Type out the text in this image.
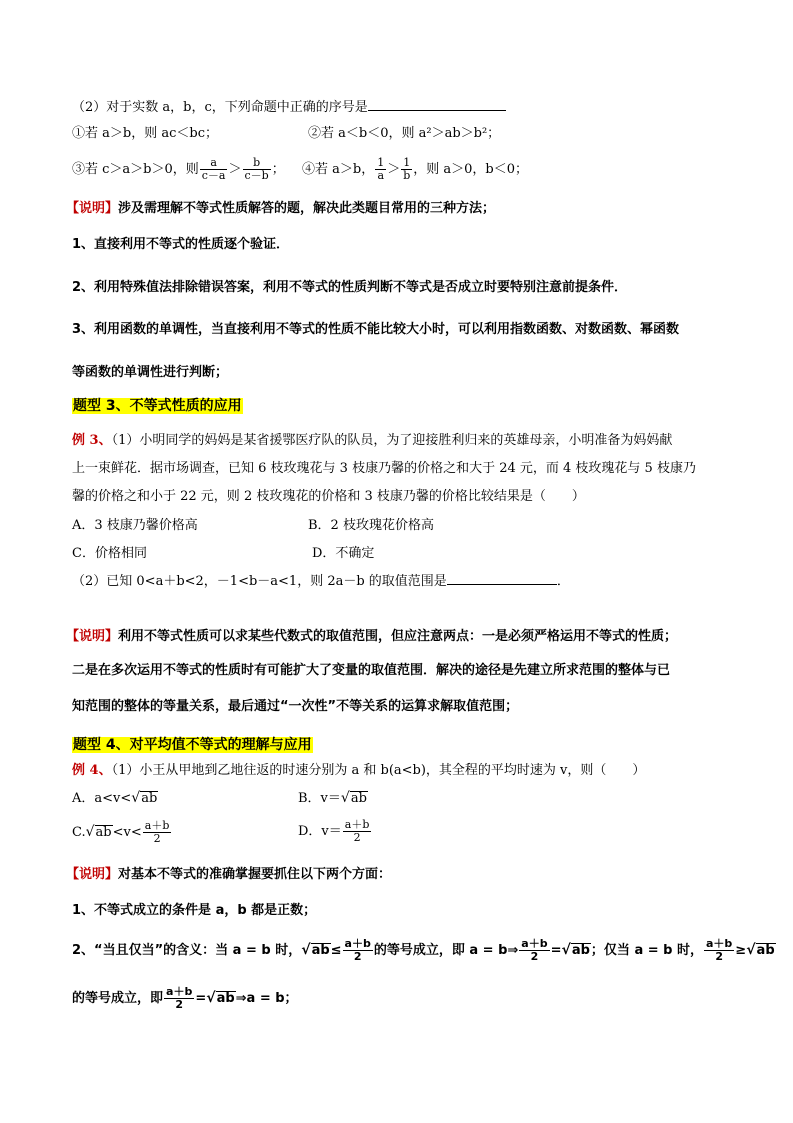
（2）对于实数 a，b，c，下列命题中正确的序号是
①若 a＞b，则 ac＜bc；	②若 a＜b＜0，则 a²＞ab＞b²；
③若 c＞a＞b＞0，则 $\frac{a}{c-a} > \frac{b}{c-b}$ ； ④若 a＞b， $\frac{1}{a} > \frac{1}{b}$ ，则 a＞0，b＜0；
【说明】涉及需理解不等式性质解答的题，解决此类题目常用的三种方法；
1、直接利用不等式的性质逐个验证．
2、利用特殊值法排除错误答案，利用不等式的性质判断不等式是否成立时要特别注意前提条件．
3、利用函数的单调性，当直接利用不等式的性质不能比较大小时，可以利用指数函数、对数函数、幂函数
等函数的单调性进行判断；
题型 3、不等式性质的应用
例 3、（1）小明同学的妈妈是某省援鄂医疗队的队员，为了迎接胜利归来的英雄母亲，小明准备为妈妈献
上一束鲜花．据市场调查，已知 6 枝玫瑰花与 3 枝康乃馨的价格之和大于 24 元，而 4 枝玫瑰花与 5 枝康乃
馨的价格之和小于 22 元，则 2 枝玫瑰花的价格和 3 枝康乃馨的价格比较结果是（　　）
A．3 枝康乃馨价格高	B．2 枝玫瑰花价格高
C．价格相同	D．不确定
（2）已知 0<a＋b<2，－1<b－a<1，则 2a－b 的取值范围是	．
【说明】利用不等式性质可以求某些代数式的取值范围，但应注意两点：一是必须严格运用不等式的性质；
二是在多次运用不等式的性质时有可能扩大了变量的取值范围．解决的途径是先建立所求范围的整体与已
知范围的整体的等量关系，最后通过“一次性”不等关系的运算求解取值范围；
题型 4、对平均值不等式的理解与应用
例 4、（1）小王从甲地到乙地往返的时速分别为 a 和 b(a<b)，其全程的平均时速为 v，则（　　）
A．a<v<√ab	B．v＝√ab
$C.√ab<v< \frac{a+b}{2}$	D．$v= \frac{a+b}{2}$
【说明】对基本不等式的准确掌握要抓住以下两个方面：
1、不等式成立的条件是 a，b 都是正数；
2、“当且仅当”的含义：当 a = b 时，$√ab\le \frac{a+b}{2}$ 的等号成立，即 a = b⇒ $\frac{a+b}{2} =√ab$；仅当 a = b 时， $\frac{a+b}{2} \ge√ab$
的等号成立，即 $\frac{a+b}{2}$ =√ab⇒a = b；
